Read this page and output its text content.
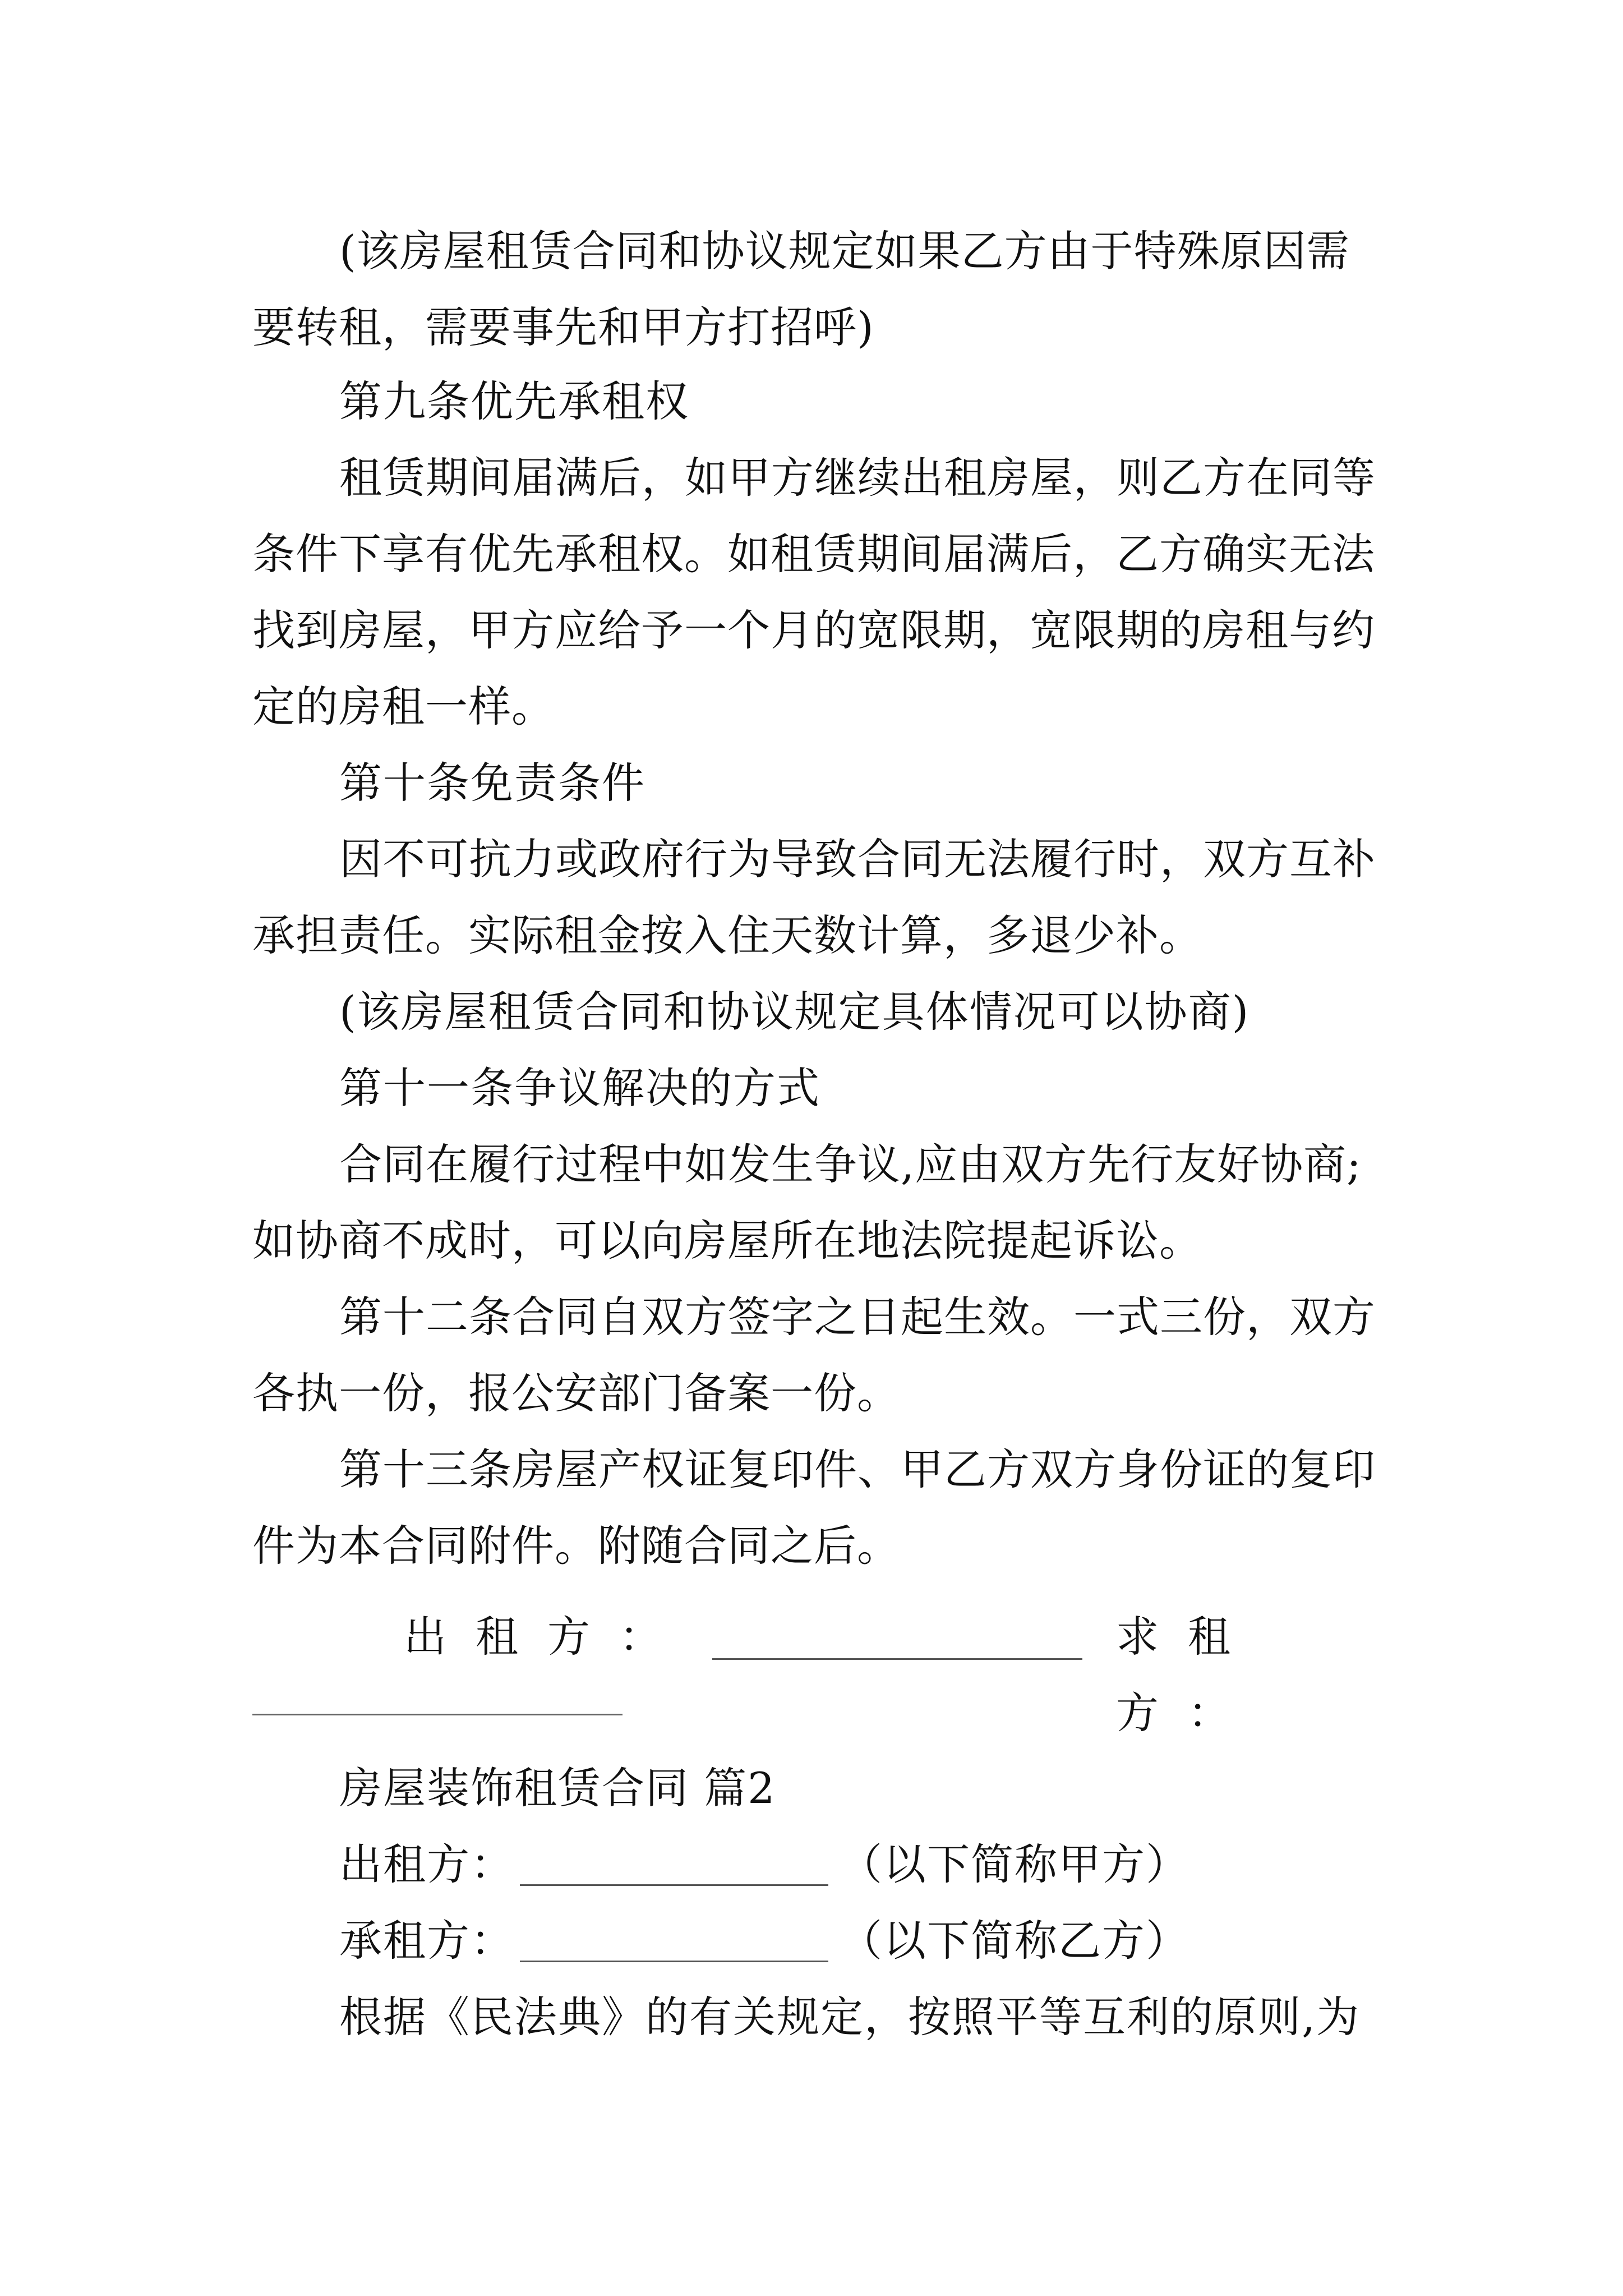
(该房屋租赁合同和协议规定如果乙方由于特殊原因需要转租，需要事先和甲方打招呼)
第九条优先承租权
租赁期间届满后，如甲方继续出租房屋，则乙方在同等条件下享有优先承租权。如租赁期间届满后，乙方确实无法找到房屋，甲方应给予一个月的宽限期，宽限期的房租与约定的房租一样。
第十条免责条件
因不可抗力或政府行为导致合同无法履行时，双方互补承担责任。实际租金按入住天数计算，多退少补。
(该房屋租赁合同和协议规定具体情况可以协商)
第十一条争议解决的方式
合同在履行过程中如发生争议,应由双方先行友好协商;如协商不成时，可以向房屋所在地法院提起诉讼。
第十二条合同自双方签字之日起生效。一式三份，双方各执一份，报公安部门备案一份。
第十三条房屋产权证复印件、甲乙方双方身份证的复印件为本合同附件。附随合同之后。
出租方：	求租方：
房屋装饰租赁合同 篇2
出租方：	（以下简称甲方）
承租方：	（以下简称乙方）
根据《民法典》的有关规定，按照平等互利的原则,为
